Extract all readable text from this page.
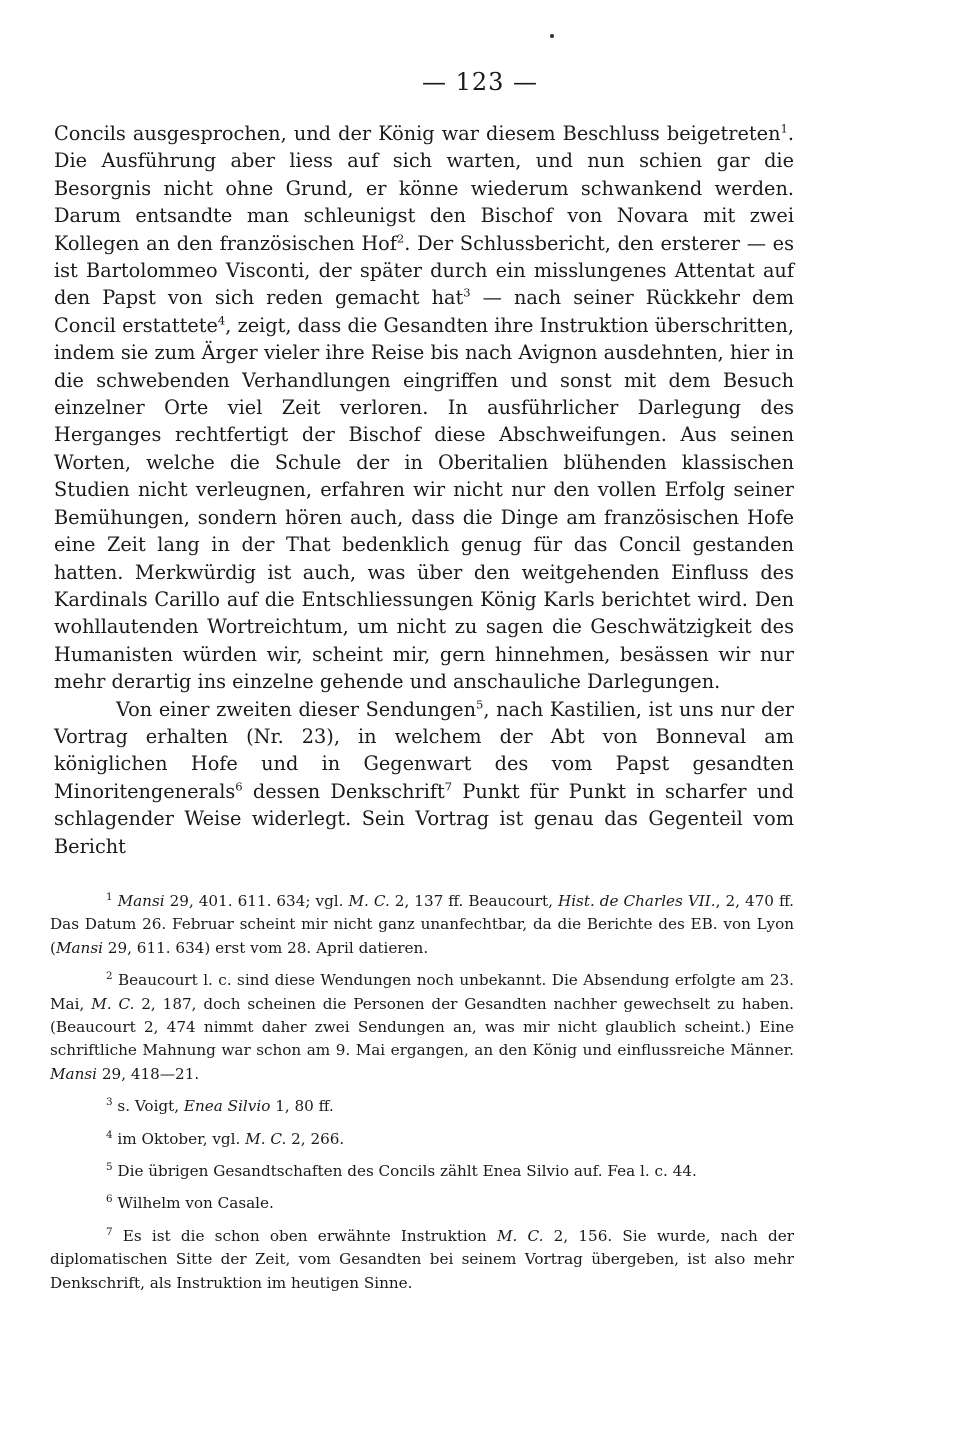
— 123 —

Concils ausgesprochen, und der König war diesem Beschluss beigetreten$^1$. Die Ausführung aber liess auf sich warten, und nun schien gar die Besorgnis nicht ohne Grund, er könne wiederum schwankend werden. Darum entsandte man schleunigst den Bischof von Novara mit zwei Kollegen an den französischen Hof$^2$. Der Schlussbericht, den ersterer — es ist Bartolommeo Visconti, der später durch ein misslungenes Attentat auf den Papst von sich reden gemacht hat$^3$ — nach seiner Rückkehr dem Concil erstattete$^4$, zeigt, dass die Gesandten ihre Instruktion überschritten, indem sie zum Ärger vieler ihre Reise bis nach Avignon ausdehnten, hier in die schwebenden Verhandlungen eingriffen und sonst mit dem Besuch einzelner Orte viel Zeit verloren. In ausführlicher Darlegung des Herganges rechtfertigt der Bischof diese Abschweifungen. Aus seinen Worten, welche die Schule der in Oberitalien blühenden klassischen Studien nicht verleugnen, erfahren wir nicht nur den vollen Erfolg seiner Bemühungen, sondern hören auch, dass die Dinge am französischen Hofe eine Zeit lang in der That bedenklich genug für das Concil gestanden hatten. Merkwürdig ist auch, was über den weitgehenden Einfluss des Kardinals Carillo auf die Entschliessungen König Karls berichtet wird. Den wohllautenden Wortreichtum, um nicht zu sagen die Geschwätzigkeit des Humanisten würden wir, scheint mir, gern hinnehmen, besässen wir nur mehr derartig ins einzelne gehende und anschauliche Darlegungen.

Von einer zweiten dieser Sendungen$^5$, nach Kastilien, ist uns nur der Vortrag erhalten (Nr. 23), in welchem der Abt von Bonneval am königlichen Hofe und in Gegenwart des vom Papst gesandten Minoritengenerals$^6$ dessen Denkschrift$^7$ Punkt für Punkt in scharfer und schlagender Weise widerlegt. Sein Vortrag ist genau das Gegenteil vom Bericht

$^1$ Mansi 29, 401. 611. 634; vgl. M. C. 2, 137 ff. Beaucourt, Hist. de Charles VII., 2, 470 ff. Das Datum 26. Februar scheint mir nicht ganz unanfechtbar, da die Berichte des EB. von Lyon (Mansi 29, 611. 634) erst vom 28. April datieren.

$^2$ Beaucourt l. c. sind diese Wendungen noch unbekannt. Die Absendung erfolgte am 23. Mai, M. C. 2, 187, doch scheinen die Personen der Gesandten nachher gewechselt zu haben. (Beaucourt 2, 474 nimmt daher zwei Sendungen an, was mir nicht glaublich scheint.) Eine schriftliche Mahnung war schon am 9. Mai ergangen, an den König und einflussreiche Männer. Mansi 29, 418—21.

$^3$ s. Voigt, Enea Silvio 1, 80 ff.

$^4$ im Oktober, vgl. M. C. 2, 266.

$^5$ Die übrigen Gesandtschaften des Concils zählt Enea Silvio auf. Fea l. c. 44.

$^6$ Wilhelm von Casale.

$^7$ Es ist die schon oben erwähnte Instruktion M. C. 2, 156. Sie wurde, nach der diplomatischen Sitte der Zeit, vom Gesandten bei seinem Vortrag übergeben, ist also mehr Denkschrift, als Instruktion im heutigen Sinne.
